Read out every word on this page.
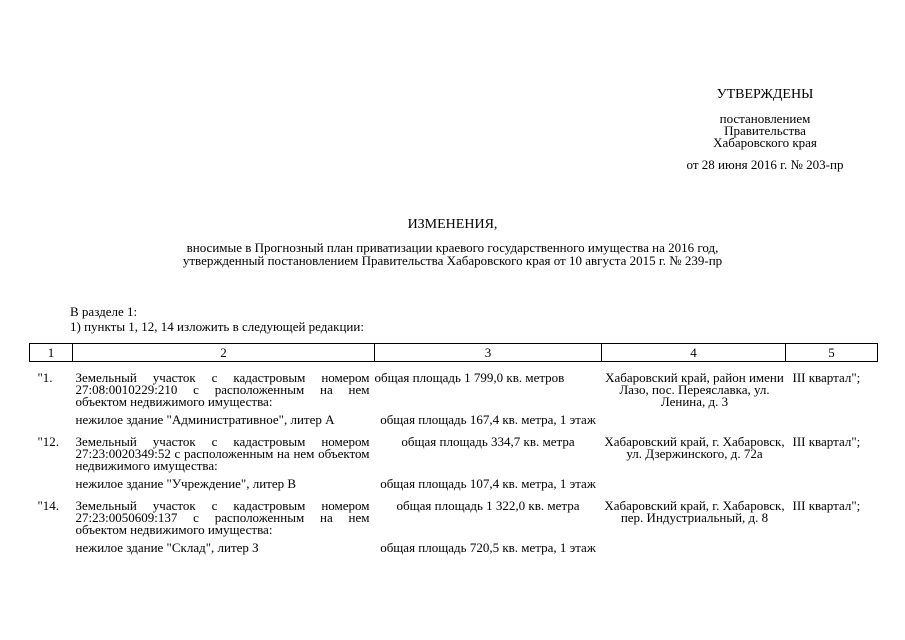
УТВЕРЖДЕНЫ
постановлением
Правительства
Хабаровского края
от 28 июня 2016 г. № 203-пр
ИЗМЕНЕНИЯ,
вносимые в Прогнозный план приватизации краевого государственного имущества на 2016 год,
утвержденный постановлением Правительства Хабаровского края от 10 августа 2015 г. № 239-пр
В разделе 1:
1) пункты 1, 12, 14 изложить в следующей редакции:
1	2	3	4	5
"1.	Земельный участок с кадастровым номером 27:08:0010229:210 с расположенным на нем объектом недвижимого имущества:	общая площадь 1 799,0 кв. метров	Хабаровский край, район имени Лазо, пос. Переяславка, ул. Ленина, д. 3	III квартал";
	нежилое здание "Административное", литер А	общая площадь 167,4 кв. метра, 1 этаж		
"12.	Земельный участок с кадастровым номером 27:23:0020349:52 с расположенным на нем объектом недвижимого имущества:	общая площадь 334,7 кв. метра	Хабаровский край, г. Хабаровск, ул. Дзержинского, д. 72а	III квартал";
	нежилое здание "Учреждение", литер В	общая площадь 107,4 кв. метра, 1 этаж		
"14.	Земельный участок с кадастровым номером 27:23:0050609:137 с расположенным на нем объектом недвижимого имущества:	общая площадь 1 322,0 кв. метра	Хабаровский край, г. Хабаровск, пер. Индустриальный, д. 8	III квартал";
	нежилое здание "Склад", литер З	общая площадь 720,5 кв. метра, 1 этаж		
